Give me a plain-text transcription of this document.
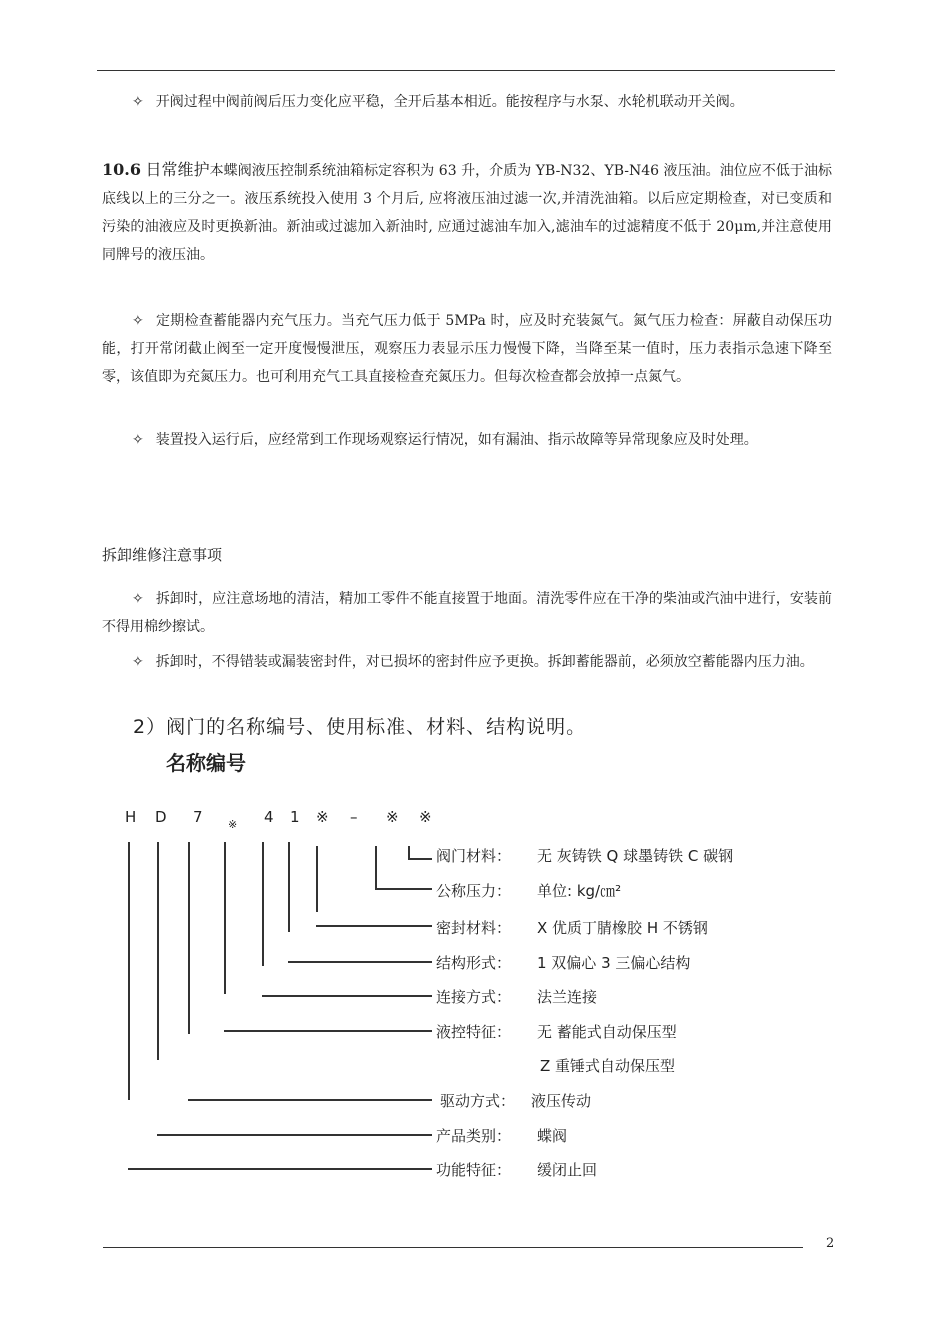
✧ 开阀过程中阀前阀后压力变化应平稳，全开后基本相近。能按程序与水泵、水轮机联动开关阀。
10.6 日常维护本蝶阀液压控制系统油箱标定容积为 63 升，介质为 YB-N32、YB-N46 液压油。油位应不低于油标底线以上的三分之一。液压系统投入使用 3 个月后, 应将液压油过滤一次,并清洗油箱。以后应定期检查，对已变质和污染的油液应及时更换新油。新油或过滤加入新油时, 应通过滤油车加入,滤油车的过滤精度不低于 20μm,并注意使用同牌号的液压油。
✧ 定期检查蓄能器内充气压力。当充气压力低于 5MPa 时，应及时充装氮气。氮气压力检查：屏蔽自动保压功能，打开常闭截止阀至一定开度慢慢泄压，观察压力表显示压力慢慢下降，当降至某一值时，压力表指示急速下降至零，该值即为充氮压力。也可利用充气工具直接检查充氮压力。但每次检查都会放掉一点氮气。
✧ 装置投入运行后，应经常到工作现场观察运行情况，如有漏油、指示故障等异常现象应及时处理。
拆卸维修注意事项
✧ 拆卸时，应注意场地的清洁，精加工零件不能直接置于地面。清洗零件应在干净的柴油或汽油中进行，安装前不得用棉纱擦试。
✧ 拆卸时，不得错装或漏装密封件，对已损坏的密封件应予更换。拆卸蓄能器前，必须放空蓄能器内压力油。
2）阀门的名称编号、使用标准、材料、结构说明。
名称编号
H D 7 ※ 4 1 ※ – ※ ※
阀门材料： 无 灰铸铁 Q 球墨铸铁 C 碳钢
公称压力： 单位: kg/㎝²
密封材料： X 优质丁腈橡胶 H 不锈钢
结构形式： 1 双偏心 3 三偏心结构
连接方式： 法兰连接
液控特征： 无 蓄能式自动保压型
Z 重锤式自动保压型
驱动方式： 液压传动
产品类别： 蝶阀
功能特征： 缓闭止回
2
